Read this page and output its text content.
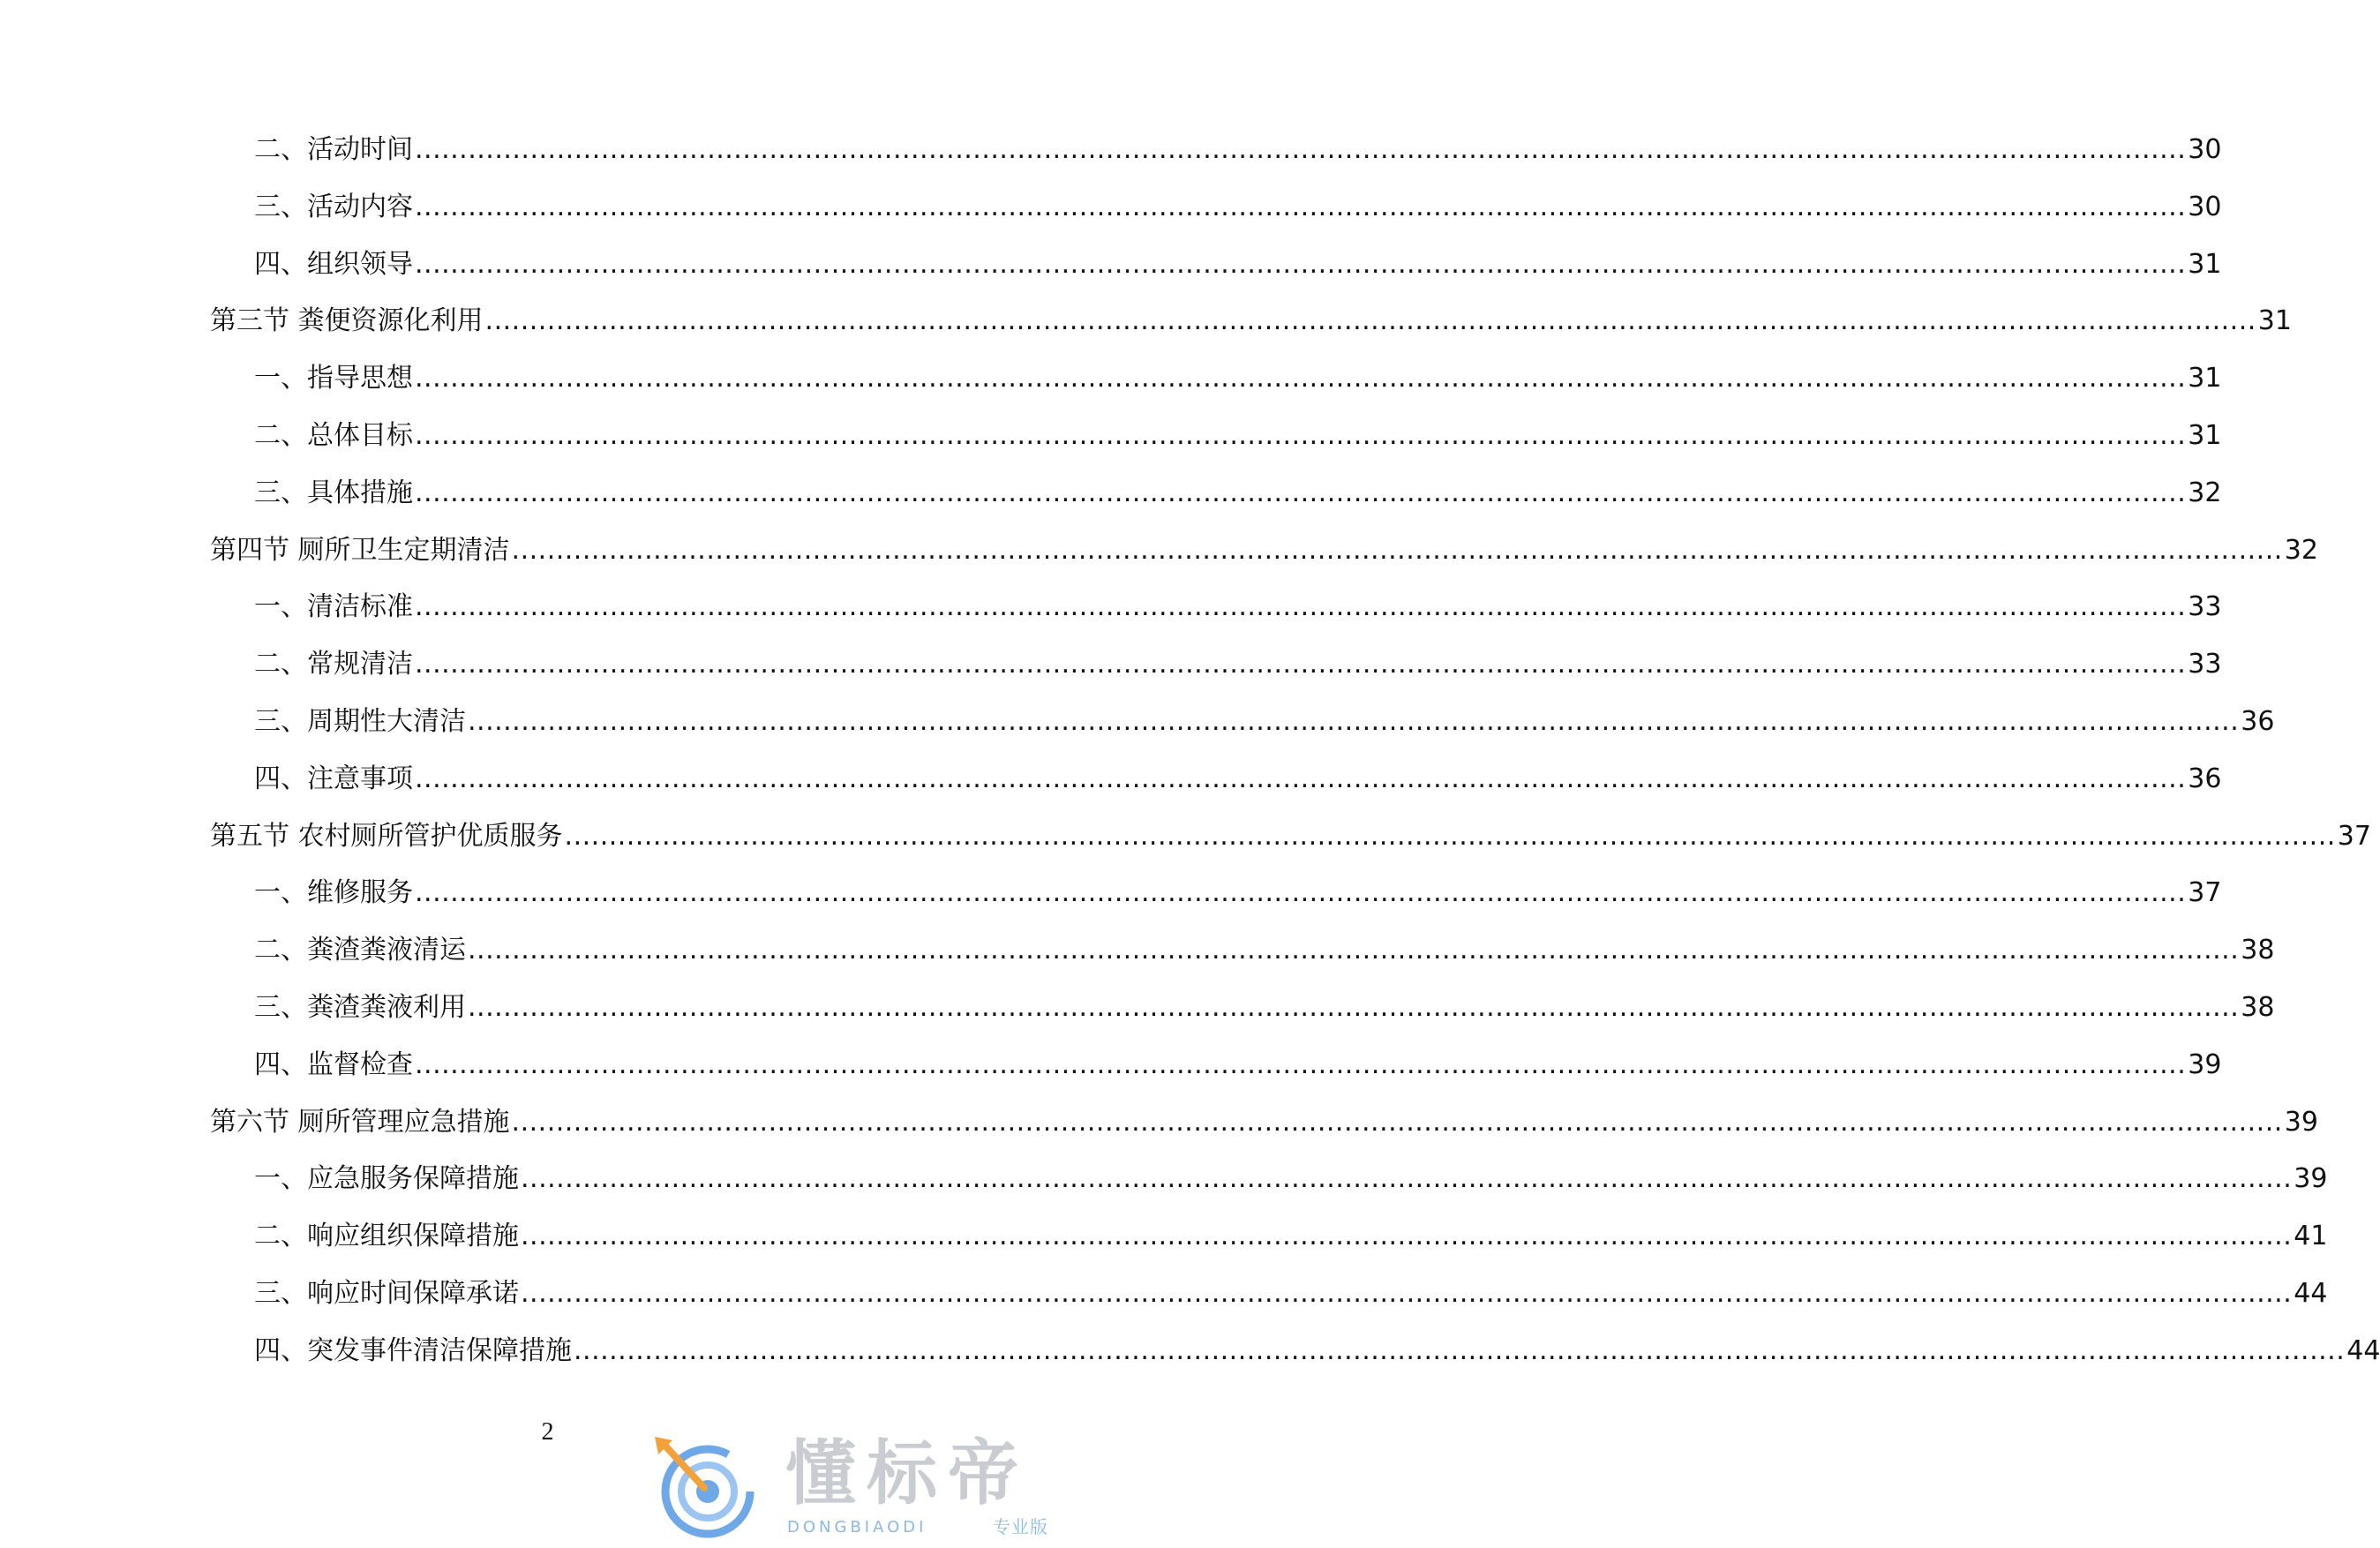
二、活动时间 ........................................................................................................................................................................................................ 30
三、活动内容 ........................................................................................................................................................................................................ 30
四、组织领导 ........................................................................................................................................................................................................ 31
第三节 粪便资源化利用 ........................................................................................................................................................................................................ 31
一、指导思想 ........................................................................................................................................................................................................ 31
二、总体目标 ........................................................................................................................................................................................................ 31
三、具体措施 ........................................................................................................................................................................................................ 32
第四节 厕所卫生定期清洁 ........................................................................................................................................................................................................ 32
一、清洁标准 ........................................................................................................................................................................................................ 33
二、常规清洁 ........................................................................................................................................................................................................ 33
三、周期性大清洁 ........................................................................................................................................................................................................ 36
四、注意事项 ........................................................................................................................................................................................................ 36
第五节 农村厕所管护优质服务 ........................................................................................................................................................................................................ 37
一、维修服务 ........................................................................................................................................................................................................ 37
二、粪渣粪液清运 ........................................................................................................................................................................................................ 38
三、粪渣粪液利用 ........................................................................................................................................................................................................ 38
四、监督检查 ........................................................................................................................................................................................................ 39
第六节 厕所管理应急措施 ........................................................................................................................................................................................................ 39
一、应急服务保障措施 ........................................................................................................................................................................................................ 39
二、响应组织保障措施 ........................................................................................................................................................................................................ 41
三、响应时间保障承诺 ........................................................................................................................................................................................................ 44
四、突发事件清洁保障措施 ........................................................................................................................................................................................................ 44
2
懂标帝
DONGBIAODI	专业版
